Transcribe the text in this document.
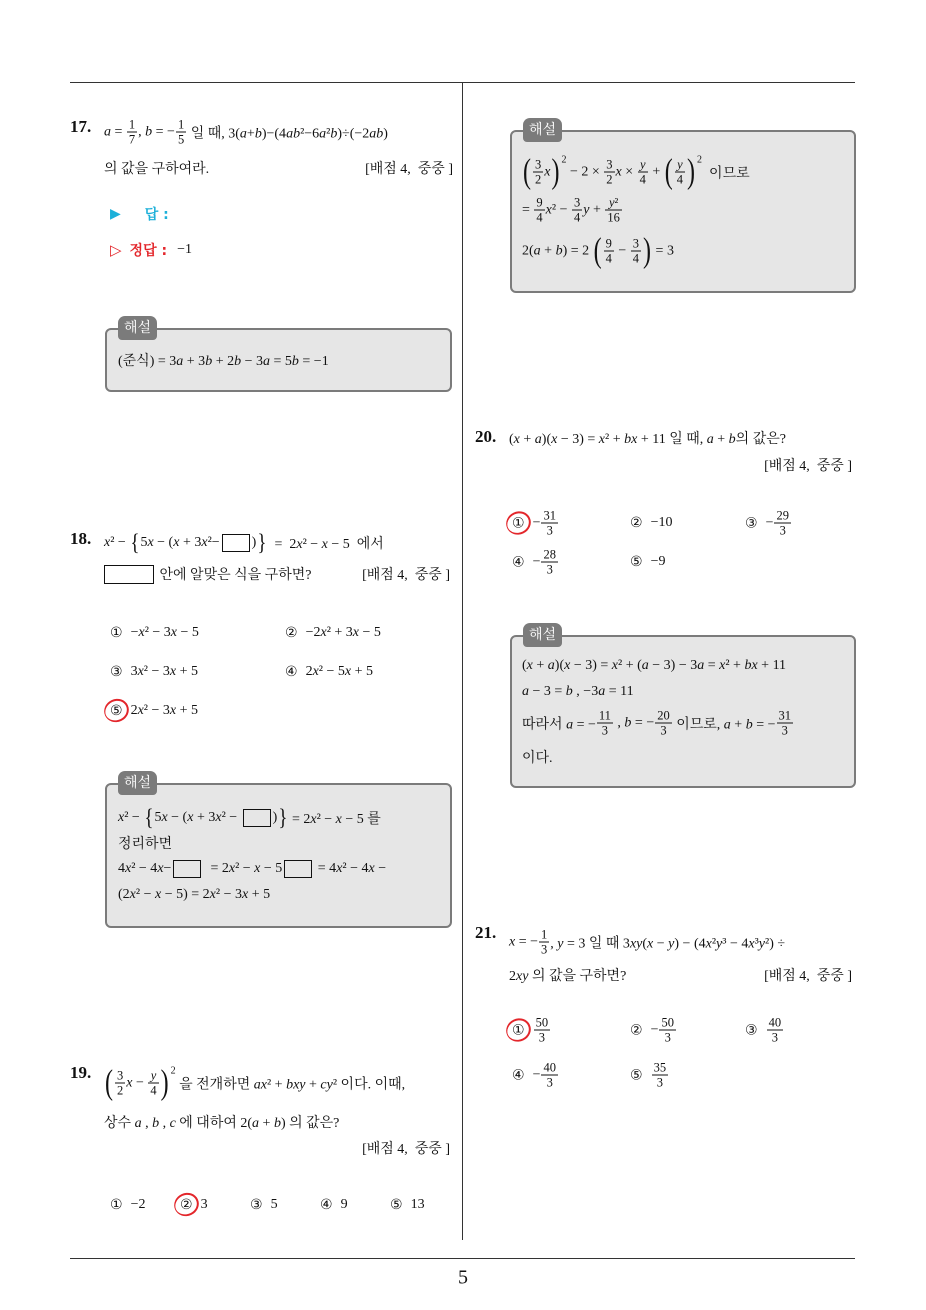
17. $a = \frac{1}{7}$ , b = − $\frac{1}{5}$ 일 때, 3(a+b)−(4ab²−6a²b)÷(−2ab)
의 값을 구하여라.	[배점 4,  중중 ]
▶ 답 :
▷ 정답 : −1
해설
(준식) = 3a + 3b + 2b − 3a = 5b = −1
18. x² − { 5x − (x + 3x²− ) } =  2x² − x − 5  에서
안에 알맞은 식을 구하면?	[배점 4,  중중 ]
① −x² − 3x − 5	② −2x² + 3x − 5
③ 3x² − 3x + 5	④ 2x² − 5x + 5
⑤ 2x² − 3x + 5
해설
x² − { 5x − (x + 3x² − ) } = 2x² − x − 5 를
정리하면
4x² − 4x− = 2x² − x − 5 = 4x² − 4x −
(2x² − x − 5) = 2x² − 3x + 5
19. ( $\frac{3}{2}$ $x - \frac{y}{4}$ ) 2
을 전개하면 ax² + bxy + cy² 이다. 이때,
상수 a , b , c 에 대하여 2(a + b) 의 값은?
[배점 4,  중중 ]
① −2 ② 3	③ 5	④ 9	⑤ 13
해설
( $\frac{3}{2}$ x ) 2
− $2 \times \frac{3}{2}$ $x \times \frac{y}{4}$ + ( $\frac{y}{4}$ ) 2
이므로
= $\frac{9}{4} x^2 - \frac{3}{4}$ $y + \frac{\text{y²}}{16}$
2(a + b) = 2 ( $\frac{9}{4} - \frac{3}{4}$ ) = 3
20. (x + a)(x − 3) = x² + bx + 11 일 때, a + b의 값은?
[배점 4,  중중 ]
① − $\frac{31}{3}$	② −10	③ − $\frac{29}{3}$
④ − $\frac{28}{3}$	⑤ −9
해설
(x + a)(x − 3) = x² + (a − 3) − 3a = x² + bx + 11
a − 3 = b , −3a = 11
따라서 a = − $\frac{11}{3}$ , b = − $\frac{20}{3}$ 이므로, a + b = − $\frac{31}{3}$
이다.
21. x = − $\frac{1}{3}$ , y = 3 일 때 3xy(x − y) − (4x²y³ − 4x³y²) ÷
2xy 의 값을 구하면?	[배점 4,  중중 ]
① $\frac{50}{3}$	② − $\frac{50}{3}$	③ $\frac{40}{3}$
④ − $\frac{40}{3}$	⑤ $\frac{35}{3}$
5
